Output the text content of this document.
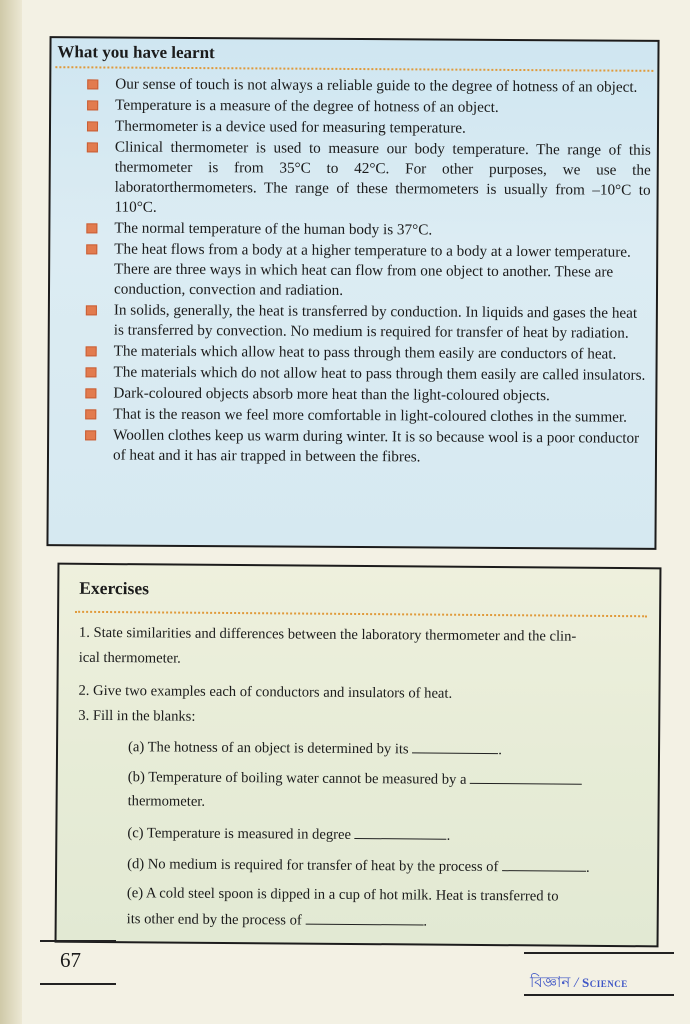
What you have learnt
Our sense of touch is not always a reliable guide to the degree of hotness of an object.
Temperature is a measure of the degree of hotness of an object.
Thermometer is a device used for measuring temperature.
Clinical thermometer is used to measure our body temperature. The range of this thermometer is from 35°C to 42°C. For other purposes, we use the laboratorthermometers. The range of these thermometers is usually from –10°C to 110°C.
The normal temperature of the human body is 37°C.
The heat flows from a body at a higher temperature to a body at a lower temperature. There are three ways in which heat can flow from one object to another. These are conduction, convection and radiation.
In solids, generally, the heat is transferred by conduction. In liquids and gases the heat is transferred by convection. No medium is required for transfer of heat by radiation.
The materials which allow heat to pass through them easily are conductors of heat.
The materials which do not allow heat to pass through them easily are called insulators.
Dark-coloured objects absorb more heat than the light-coloured objects.
That is the reason we feel more comfortable in light-coloured clothes in the summer.
Woollen clothes keep us warm during winter. It is so because wool is a poor conductor of heat and it has air trapped in between the fibres.
Exercises
1. State similarities and differences between the laboratory thermometer and the clin-
ical thermometer.
2. Give two examples each of conductors and insulators of heat.
3. Fill in the blanks:
(a) The hotness of an object is determined by its	.
(b) Temperature of boiling water cannot be measured by a
thermometer.
(c) Temperature is measured in degree	.
(d) No medium is required for transfer of heat by the process of	.
(e) A cold steel spoon is dipped in a cup of hot milk. Heat is transferred to
its other end by the process of	.
67
বিজ্ঞান / Science
